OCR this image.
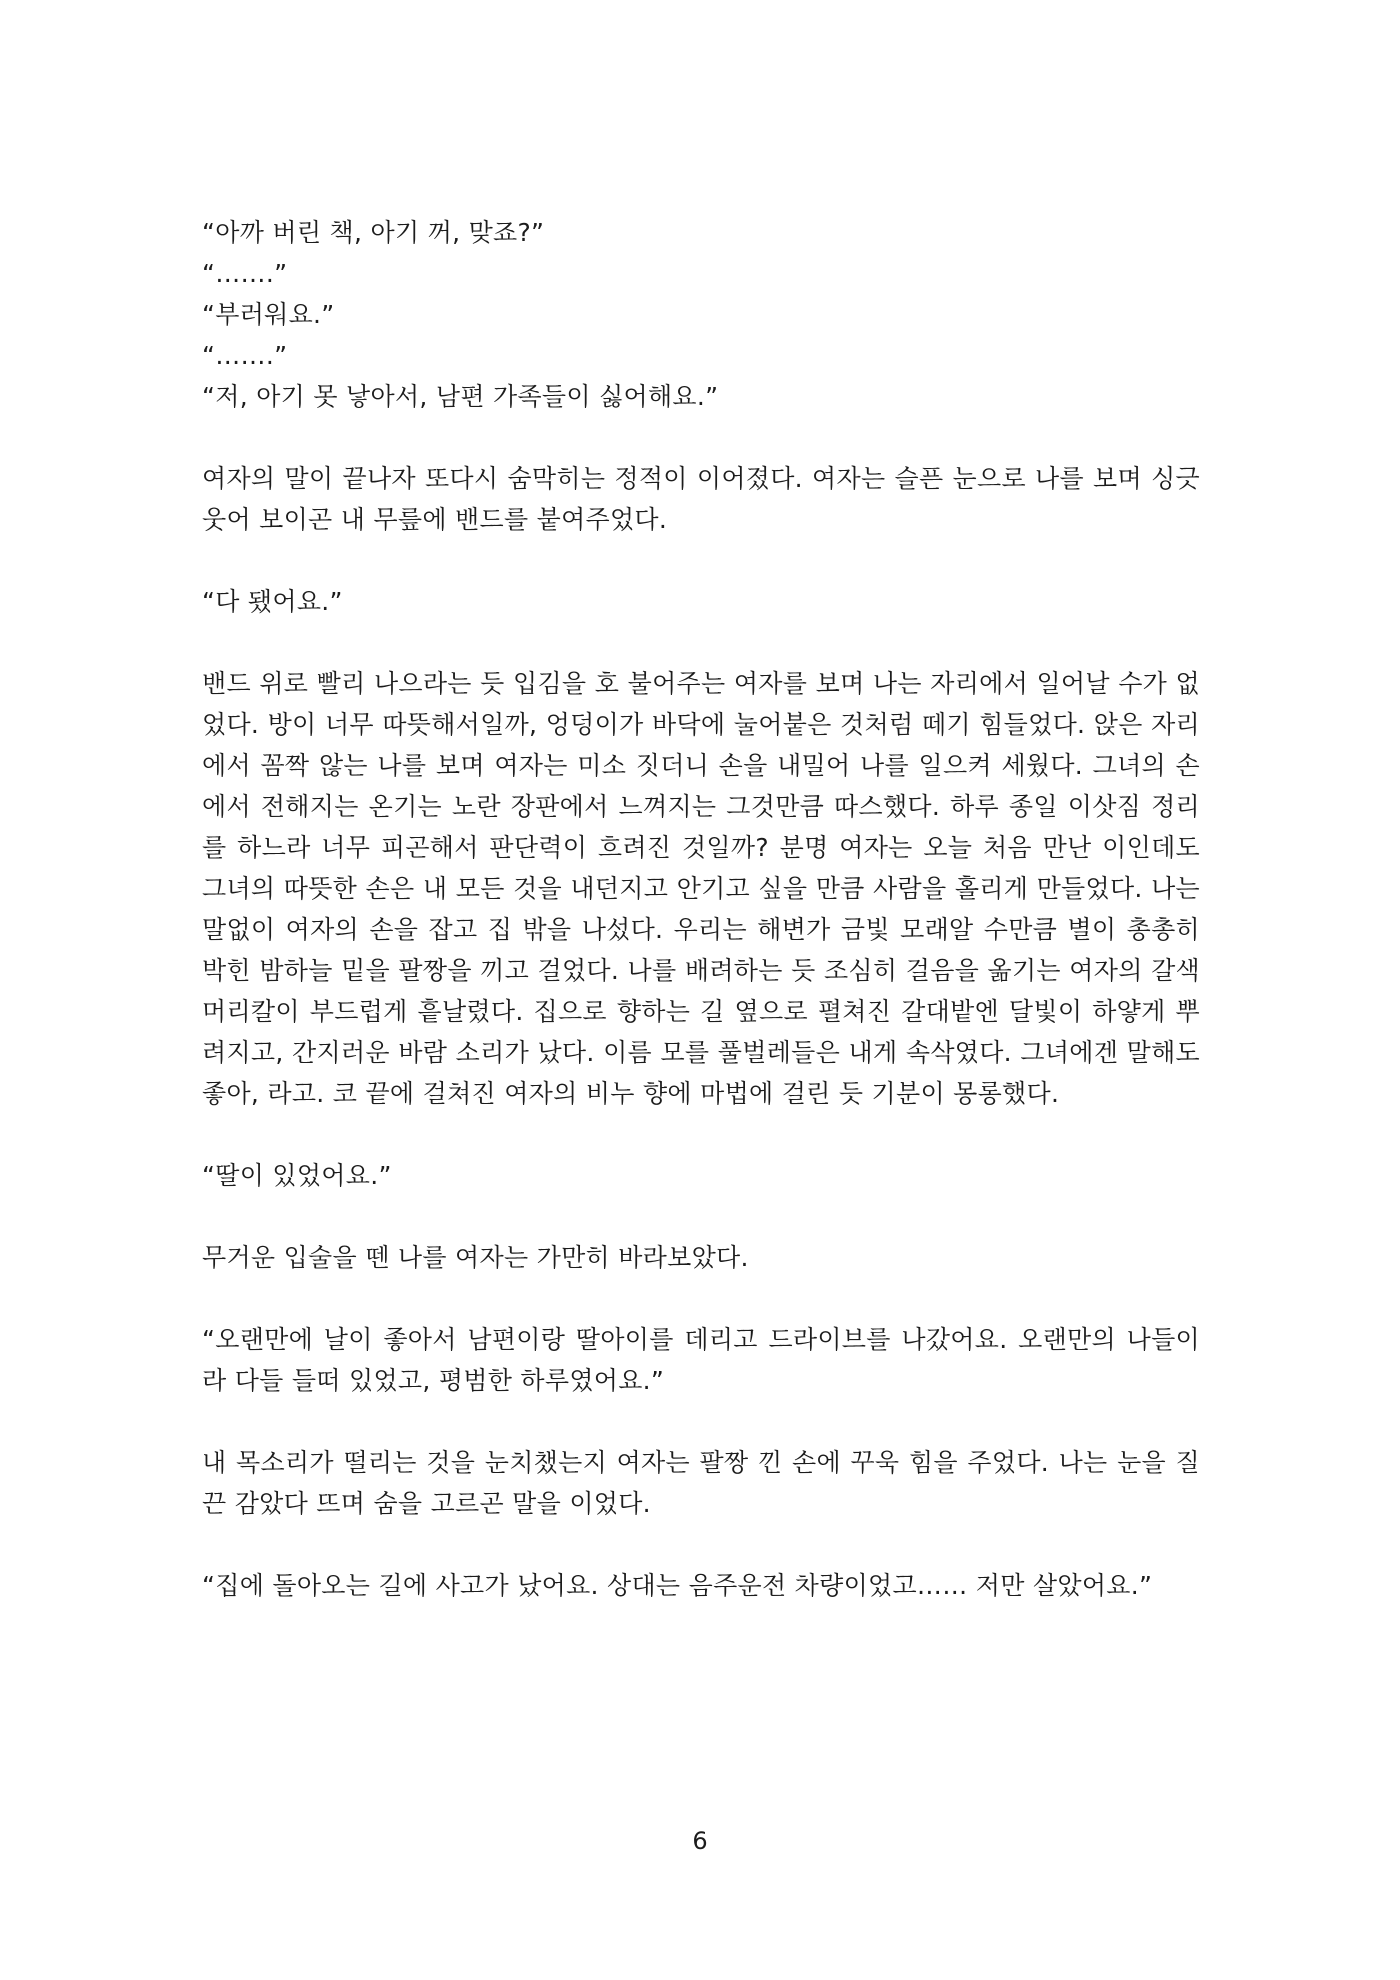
“아까 버린 책, 아기 꺼, 맞죠?”

“…….”

“부러워요.”

“…….”

“저, 아기 못 낳아서, 남편 가족들이 싫어해요.”

여자의 말이 끝나자 또다시 숨막히는 정적이 이어졌다. 여자는 슬픈 눈으로 나를 보며 싱긋 웃어 보이곤 내 무릎에 밴드를 붙여주었다.

“다 됐어요.”

밴드 위로 빨리 나으라는 듯 입김을 호 불어주는 여자를 보며 나는 자리에서 일어날 수가 없었다. 방이 너무 따뜻해서일까, 엉덩이가 바닥에 눌어붙은 것처럼 떼기 힘들었다. 앉은 자리에서 꼼짝 않는 나를 보며 여자는 미소 짓더니 손을 내밀어 나를 일으켜 세웠다. 그녀의 손에서 전해지는 온기는 노란 장판에서 느껴지는 그것만큼 따스했다. 하루 종일 이삿짐 정리를 하느라 너무 피곤해서 판단력이 흐려진 것일까? 분명 여자는 오늘 처음 만난 이인데도 그녀의 따뜻한 손은 내 모든 것을 내던지고 안기고 싶을 만큼 사람을 홀리게 만들었다. 나는 말없이 여자의 손을 잡고 집 밖을 나섰다. 우리는 해변가 금빛 모래알 수만큼 별이 총총히 박힌 밤하늘 밑을 팔짱을 끼고 걸었다. 나를 배려하는 듯 조심히 걸음을 옮기는 여자의 갈색 머리칼이 부드럽게 흩날렸다. 집으로 향하는 길 옆으로 펼쳐진 갈대밭엔 달빛이 하얗게 뿌려지고, 간지러운 바람 소리가 났다. 이름 모를 풀벌레들은 내게 속삭였다. 그녀에겐 말해도 좋아, 라고. 코 끝에 걸쳐진 여자의 비누 향에 마법에 걸린 듯 기분이 몽롱했다.

“딸이 있었어요.”

무거운 입술을 뗀 나를 여자는 가만히 바라보았다.

“오랜만에 날이 좋아서 남편이랑 딸아이를 데리고 드라이브를 나갔어요. 오랜만의 나들이라 다들 들떠 있었고, 평범한 하루였어요.”

내 목소리가 떨리는 것을 눈치챘는지 여자는 팔짱 낀 손에 꾸욱 힘을 주었다. 나는 눈을 질끈 감았다 뜨며 숨을 고르곤 말을 이었다.

“집에 돌아오는 길에 사고가 났어요. 상대는 음주운전 차량이었고…… 저만 살았어요.”

6
